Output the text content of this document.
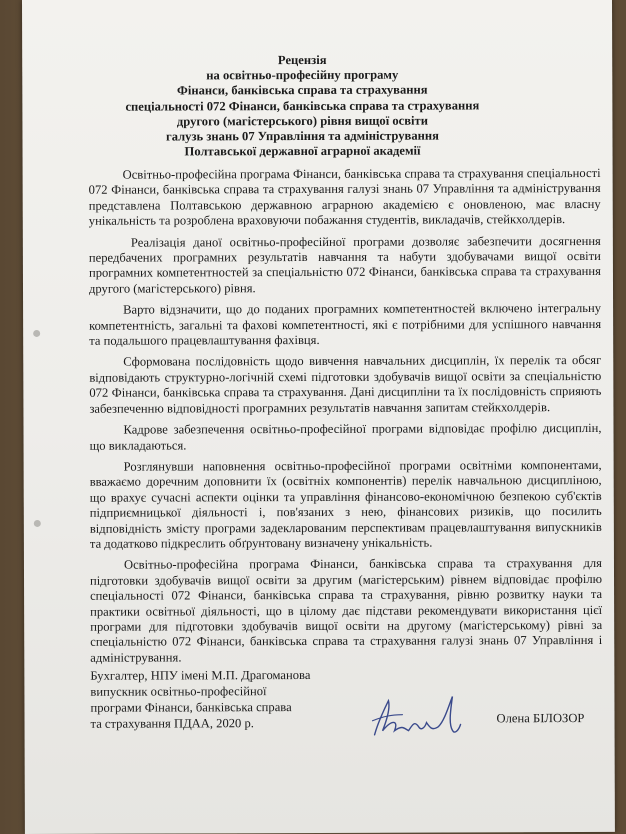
Рецензія
на освітньо-професійну програму
Фінанси, банківська справа та страхування
спеціальності 072 Фінанси, банківська справа та страхування
другого (магістерського) рівня вищої освіти
галузь знань 07 Управління та адміністрування
Полтавської державної аграрної академії

Освітньо-професійна програма Фінанси, банківська справа та страхування спеціальності 072 Фінанси, банківська справа та страхування галузі знань 07 Управління та адміністрування представлена Полтавською державною аграрною академією є оновленою, має власну унікальність та розроблена враховуючи побажання студентів, викладачів, стейкхолдерів.

Реалізація даної освітньо-професійної програми дозволяє забезпечити досягнення передбачених програмних результатів навчання та набути здобувачами вищої освіти програмних компетентностей за спеціальністю 072 Фінанси, банківська справа та страхування другого (магістерського) рівня.

Варто відзначити, що до поданих програмних компетентностей включено інтегральну компетентність, загальні та фахові компетентності, які є потрібними для успішного навчання та подальшого працевлаштування фахівця.

Сформована послідовність щодо вивчення навчальних дисциплін, їх перелік та обсяг відповідають структурно-логічній схемі підготовки здобувачів вищої освіти за спеціальністю 072 Фінанси, банківська справа та страхування. Дані дисципліни та їх послідовність сприяють забезпеченню відповідності програмних результатів навчання запитам стейкхолдерів.

Кадрове забезпечення освітньо-професійної програми відповідає профілю дисциплін, що викладаються.

Розглянувши наповнення освітньо-професійної програми освітніми компонентами, вважаємо доречним доповнити їх (освітніх компонентів) перелік навчальною дисципліною, що врахує сучасні аспекти оцінки та управління фінансово-економічною безпекою суб'єктів підприємницької діяльності і, пов'язаних з нею, фінансових ризиків, що посилить відповідність змісту програми задекларованим перспективам працевлаштування випускників та додатково підкреслить обґрунтовану визначену унікальність.

Освітньо-професійна програма Фінанси, банківська справа та страхування для підготовки здобувачів вищої освіти за другим (магістерським) рівнем відповідає профілю спеціальності 072 Фінанси, банківська справа та страхування, рівню розвитку науки та практики освітньої діяльності, що в цілому дає підстави рекомендувати використання цієї програми для підготовки здобувачів вищої освіти на другому (магістерському) рівні за спеціальністю 072 Фінанси, банківська справа та страхування галузі знань 07 Управління і адміністрування.

Бухгалтер, НПУ імені М.П. Драгоманова
випускник освітньо-професійної
програми Фінанси, банківська справа
та страхування ПДАА, 2020 р.	Олена БІЛОЗОР
